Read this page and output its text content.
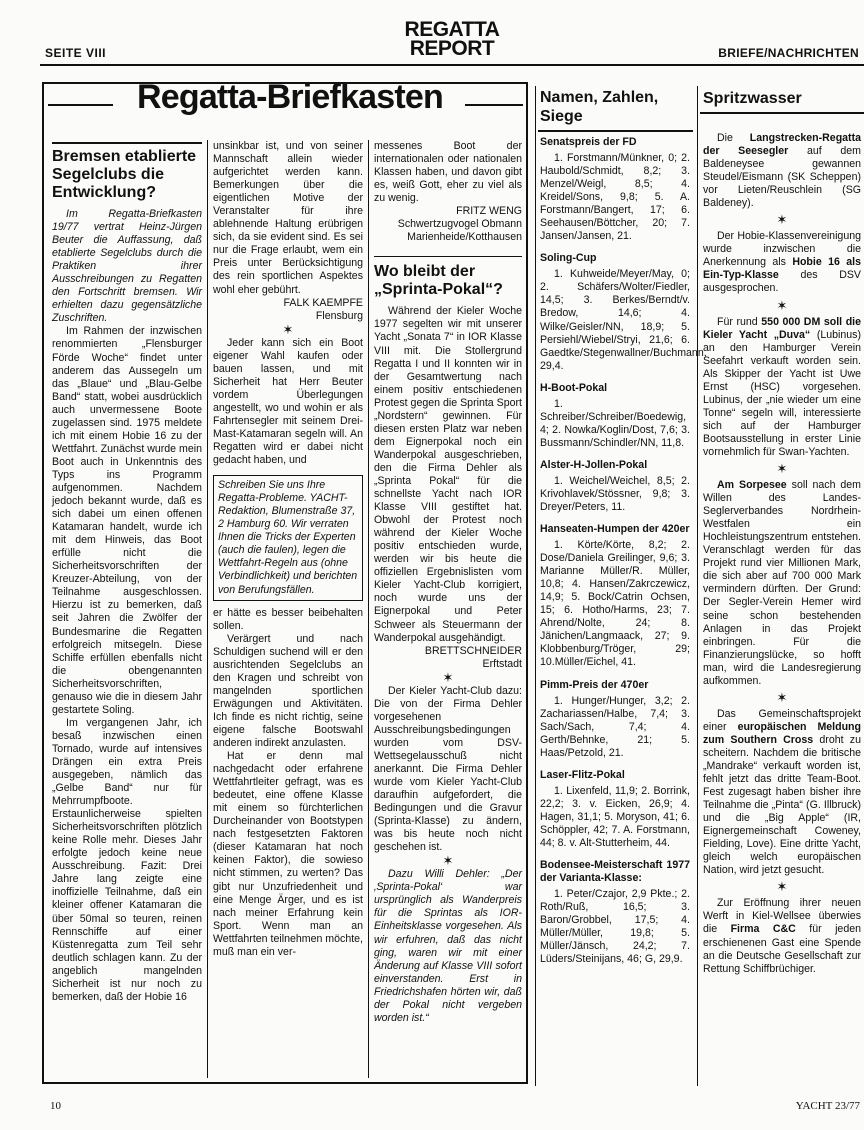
SEITE VIII
REGATTA
REPORT	BRIEFE/NACHRICHTEN
Regatta-Briefkasten
Bremsen etablierte Segelclubs die Entwicklung?

Im Regatta-Briefkasten 19/77 vertrat Heinz-Jürgen Beuter die Auffassung, daß etablierte Segelclubs durch die Praktiken ihrer Ausschreibungen zu Regatten den Fortschritt bremsen. Wir erhielten dazu gegensätzliche Zuschriften.

Im Rahmen der inzwischen renommierten „Flensburger Förde Woche“ findet unter anderem das Aussegeln um das „Blaue“ und „Blau-Gelbe Band“ statt, wobei ausdrücklich auch unvermessene Boote zugelassen sind. 1975 meldete ich mit einem Hobie 16 zu der Wettfahrt. Zunächst wurde mein Boot auch in Unkenntnis des Typs ins Programm aufgenommen. Nachdem jedoch bekannt wurde, daß es sich dabei um einen offenen Katamaran handelt, wurde ich mit dem Hinweis, das Boot erfülle nicht die Sicherheitsvorschriften der Kreuzer-Abteilung, von der Teilnahme ausgeschlossen. Hierzu ist zu bemerken, daß seit Jahren die Zwölfer der Bundesmarine die Regatten erfolgreich mitsegeln. Diese Schiffe erfüllen ebenfalls nicht die obengenannten Sicherheitsvorschriften, genauso wie die in diesem Jahr gestartete Soling.

Im vergangenen Jahr, ich besaß inzwischen einen Tornado, wurde auf intensives Drängen ein extra Preis ausgegeben, nämlich das „Gelbe Band“ nur für Mehrrumpfboote. Erstaunlicherweise spielten Sicherheitsvorschriften plötzlich keine Rolle mehr. Dieses Jahr erfolgte jedoch keine neue Ausschreibung. Fazit: Drei Jahre lang zeigte eine inoffizielle Teilnahme, daß ein kleiner offener Katamaran die über 50mal so teuren, reinen Rennschiffe auf einer Küstenregatta zum Teil sehr deutlich schlagen kann. Zu der angeblich mangelnden Sicherheit ist nur noch zu bemerken, daß der Hobie 16

unsinkbar ist, und von seiner Mannschaft allein wieder aufgerichtet werden kann. Bemerkungen über die eigentlichen Motive der Veranstalter für ihre ablehnende Haltung erübrigen sich, da sie evident sind. Es sei nur die Frage erlaubt, wem ein Preis unter Berücksichtigung des rein sportlichen Aspektes wohl eher gebührt.

FALK KAEMPFE

Flensburg

✶

Jeder kann sich ein Boot eigener Wahl kaufen oder bauen lassen, und mit Sicherheit hat Herr Beuter vordem Überlegungen angestellt, wo und wohin er als Fahrtensegler mit seinem Drei-Mast-Katamaran segeln will. An Regatten wird er dabei nicht gedacht haben, und

Schreiben Sie uns Ihre Regatta-Probleme. YACHT-Redaktion, Blumenstraße 37, 2 Hamburg 60. Wir verraten Ihnen die Tricks der Experten (auch die faulen), legen die Wettfahrt-Regeln aus (ohne Verbindlichkeit) und berichten von Berufungsfällen.

er hätte es besser beibehalten sollen.

Verärgert und nach Schuldigen suchend will er den ausrichtenden Segelclubs an den Kragen und schreibt von mangelnden sportlichen Erwägungen und Aktivitäten. Ich finde es nicht richtig, seine eigene falsche Bootswahl anderen indirekt anzulasten.

Hat er denn mal nachgedacht oder erfahrene Wettfahrtleiter gefragt, was es bedeutet, eine offene Klasse mit einem so fürchterlichen Durcheinander von Bootstypen nach festgesetzten Faktoren (dieser Katamaran hat noch keinen Faktor), die sowieso nicht stimmen, zu werten? Das gibt nur Unzufriedenheit und eine Menge Ärger, und es ist nach meiner Erfahrung kein Sport. Wenn man an Wettfahrten teilnehmen möchte, muß man ein ver-

messenes Boot der internationalen oder nationalen Klassen haben, und davon gibt es, weiß Gott, eher zu viel als zu wenig.

FRITZ WENG

Schwertzugvogel Obmann

Marienheide/Kotthausen

Wo bleibt der „Sprinta-Pokal“?

Während der Kieler Woche 1977 segelten wir mit unserer Yacht „Sonata 7“ in IOR Klasse VIII mit. Die Stollergrund Regatta I und II konnten wir in der Gesamtwertung nach einem positiv entschiedenen Protest gegen die Sprinta Sport „Nordstern“ gewinnen. Für diesen ersten Platz war neben dem Eignerpokal noch ein Wanderpokal ausgeschrieben, den die Firma Dehler als „Sprinta Pokal“ für die schnellste Yacht nach IOR Klasse VIII gestiftet hat. Obwohl der Protest noch während der Kieler Woche positiv entschieden wurde, werden wir bis heute die offiziellen Ergebnislisten vom Kieler Yacht-Club korrigiert, noch wurde uns der Eignerpokal und Peter Schweer als Steuermann der Wanderpokal ausgehändigt.

BRETTSCHNEIDER

Erftstadt

✶

Der Kieler Yacht-Club dazu: Die von der Firma Dehler vorgesehenen Ausschreibungsbedingungen wurden vom DSV-Wettsegelausschuß nicht anerkannt. Die Firma Dehler wurde vom Kieler Yacht-Club daraufhin aufgefordert, die Bedingungen und die Gravur (Sprinta-Klasse) zu ändern, was bis heute noch nicht geschehen ist.

✶

Dazu Willi Dehler: „Der ‚Sprinta-Pokal‘ war ursprünglich als Wanderpreis für die Sprintas als IOR-Einheitsklasse vorgesehen. Als wir erfuhren, daß das nicht ging, waren wir mit einer Änderung auf Klasse VIII sofort einverstanden. Erst in Friedrichshafen hörten wir, daß der Pokal nicht vergeben worden ist.“

Namen, Zahlen, Siege
Senatspreis der FD

1. Forstmann/Münkner, 0; 2. Haubold/Schmidt, 8,2; 3. Menzel/Weigl, 8,5; 4. Kreidel/Sons, 9,8; 5. A. Forstmann/Bangert, 17; 6. Seehausen/Böttcher, 20; 7. Jansen/Jansen, 21.

Soling-Cup

1. Kuhweide/Meyer/May, 0; 2. Schäfers/Wolter/Fiedler, 14,5; 3. Berkes/Berndt/v. Bredow, 14,6; 4. Wilke/Geisler/NN, 18,9; 5. Persiehl/Wiebel/Stryi, 21,6; 6. Gaedtke/Stegenwallner/Buchmann, 29,4.

H-Boot-Pokal

1. Schreiber/Schreiber/Boedewig, 4; 2. Nowka/Koglin/Dost, 7,6; 3. Bussmann/Schindler/NN, 11,8.

Alster-H-Jollen-Pokal

1. Weichel/Weichel, 8,5; 2. Krivohlavek/Stössner, 9,8; 3. Dreyer/Peters, 11.

Hanseaten-Humpen der 420er

1. Körte/Körte, 8,2; 2. Dose/Daniela Greilinger, 9,6; 3. Marianne Müller/R. Müller, 10,8; 4. Hansen/Zakrczewicz, 14,9; 5. Bock/Catrin Ochsen, 15; 6. Hotho/Harms, 23; 7. Ahrend/Nolte, 24; 8. Jänichen/Langmaack, 27; 9. Klobbenburg/Tröger, 29; 10.Müller/Eichel, 41.

Pimm-Preis der 470er

1. Hunger/Hunger, 3,2; 2. Zachariassen/Halbe, 7,4; 3. Sach/Sach, 7,4; 4. Gerth/Behnke, 21; 5. Haas/Petzold, 21.

Laser-Flitz-Pokal

1. Lixenfeld, 11,9; 2. Borrink, 22,2; 3. v. Eicken, 26,9; 4. Hagen, 31,1; 5. Moryson, 41; 6. Schöppler, 42; 7. A. Forstmann, 44; 8. v. Alt-Stutterheim, 44.

Bodensee-Meisterschaft 1977 der Varianta-Klasse:

1. Peter/Czajor, 2,9 Pkte.; 2. Roth/Ruß, 16,5; 3. Baron/Grobbel, 17,5; 4. Müller/Müller, 19,8; 5. Müller/Jänsch, 24,2; 7. Lüders/Steinijans, 46; G, 29,9.

Spritzwasser

Die Langstrecken-Regatta der Seesegler auf dem Baldeneysee gewannen Steudel/Eismann (SK Scheppen) vor Lieten/Reuschlein (SG Baldeney).

✶

Der Hobie-Klassenvereinigung wurde inzwischen die Anerkennung als Hobie 16 als Ein-Typ-Klasse des DSV ausgesprochen.

✶

Für rund 550 000 DM soll die Kieler Yacht „Duva“ (Lubinus) an den Hamburger Verein Seefahrt verkauft worden sein. Als Skipper der Yacht ist Uwe Ernst (HSC) vorgesehen. Lubinus, der „nie wieder um eine Tonne“ segeln will, interessierte sich auf der Hamburger Bootsausstellung in erster Linie vornehmlich für Swan-Yachten.

✶

Am Sorpesee soll nach dem Willen des Landes-Seglerverbandes Nordrhein-Westfalen ein Hochleistungszentrum entstehen. Veranschlagt werden für das Projekt rund vier Millionen Mark, die sich aber auf 700 000 Mark vermindern dürften. Der Grund: Der Segler-Verein Hemer wird seine schon bestehenden Anlagen in das Projekt einbringen. Für die Finanzierungslücke, so hofft man, wird die Landesregierung aufkommen.

✶

Das Gemeinschaftsprojekt einer europäischen Meldung zum Southern Cross droht zu scheitern. Nachdem die britische „Mandrake“ verkauft worden ist, fehlt jetzt das dritte Team-Boot. Fest zugesagt haben bisher ihre Teilnahme die „Pinta“ (G. Illbruck) und die „Big Apple“ (IR, Eignergemeinschaft Coweney, Fielding, Love). Eine dritte Yacht, gleich welch europäischen Nation, wird jetzt gesucht.

✶

Zur Eröffnung ihrer neuen Werft in Kiel-Wellsee überwies die Firma C&C für jeden erschienenen Gast eine Spende an die Deutsche Gesellschaft zur Rettung Schiffbrüchiger.

10	YACHT 23/77
